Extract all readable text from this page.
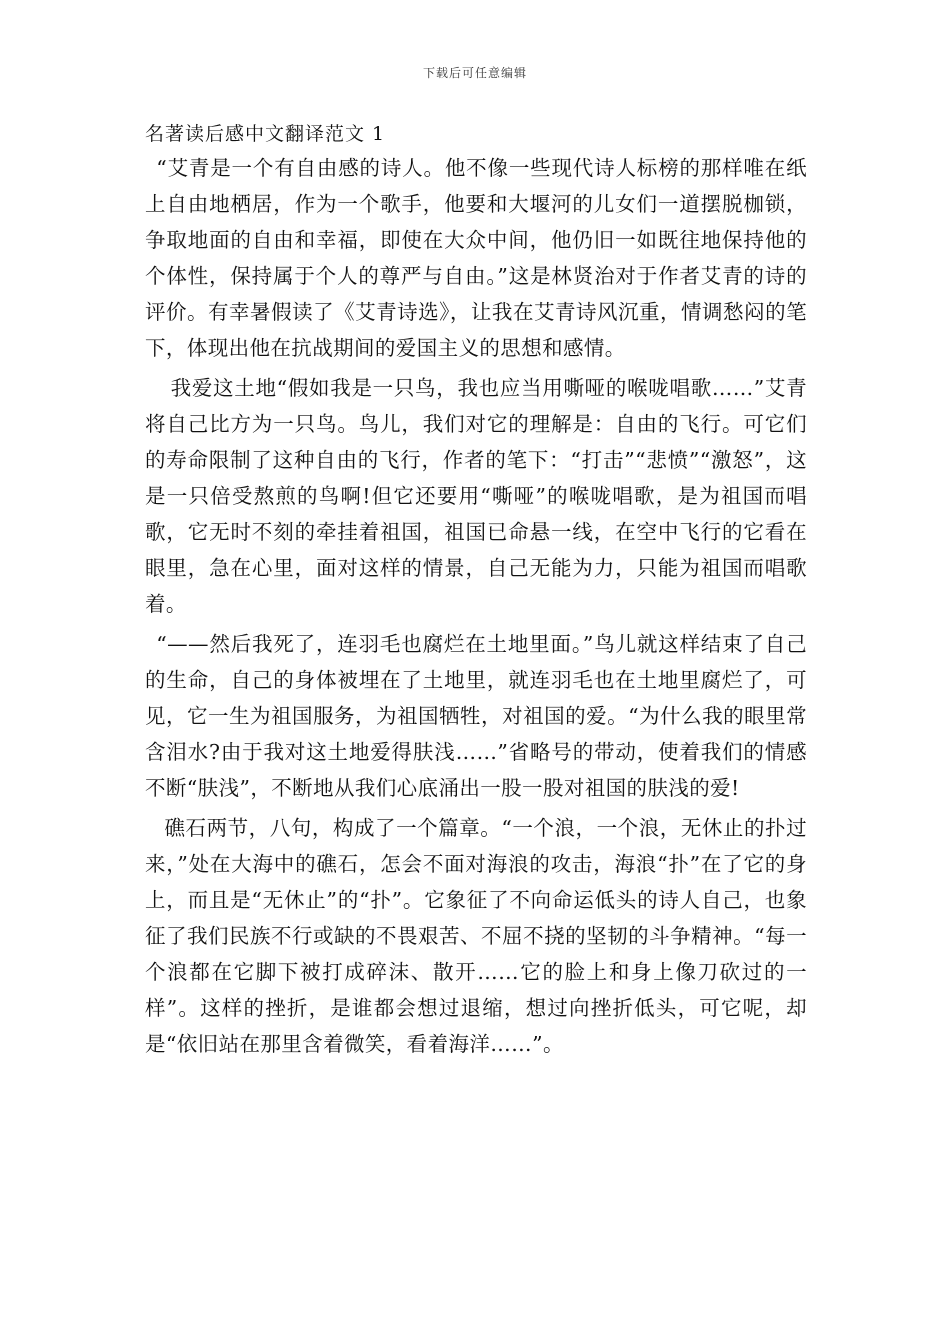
下载后可任意编辑
名著读后感中文翻译范文 1

“艾青是一个有自由感的诗人。他不像一些现代诗人标榜的那样唯在纸上自由地栖居，作为一个歌手，他要和大堰河的儿女们一道摆脱枷锁，争取地面的自由和幸福，即使在大众中间，他仍旧一如既往地保持他的个体性，保持属于个人的尊严与自由。”这是林贤治对于作者艾青的诗的评价。有幸暑假读了《艾青诗选》，让我在艾青诗风沉重，情调愁闷的笔下，体现出他在抗战期间的爱国主义的思想和感情。

我爱这土地“假如我是一只鸟，我也应当用嘶哑的喉咙唱歌……”艾青将自己比方为一只鸟。鸟儿，我们对它的理解是：自由的飞行。可它们的寿命限制了这种自由的飞行，作者的笔下：“打击”“悲愤”“激怒”，这是一只倍受熬煎的鸟啊!但它还要用“嘶哑”的喉咙唱歌，是为祖国而唱歌，它无时不刻的牵挂着祖国，祖国已命悬一线，在空中飞行的它看在眼里，急在心里，面对这样的情景，自己无能为力，只能为祖国而唱歌着。

“——然后我死了，连羽毛也腐烂在土地里面。”鸟儿就这样结束了自己的生命，自己的身体被埋在了土地里，就连羽毛也在土地里腐烂了，可见，它一生为祖国服务，为祖国牺牲，对祖国的爱。“为什么我的眼里常含泪水?由于我对这土地爱得肤浅……”省略号的带动，使着我们的情感不断“肤浅”，不断地从我们心底涌出一股一股对祖国的肤浅的爱!

礁石两节，八句，构成了一个篇章。“一个浪，一个浪，无休止的扑过来，”处在大海中的礁石，怎会不面对海浪的攻击，海浪“扑”在了它的身上，而且是“无休止”的“扑”。它象征了不向命运低头的诗人自己，也象征了我们民族不行或缺的不畏艰苦、不屈不挠的坚韧的斗争精神。“每一个浪都在它脚下被打成碎沫、散开……它的脸上和身上像刀砍过的一样”。这样的挫折，是谁都会想过退缩，想过向挫折低头，可它呢，却是“依旧站在那里含着微笑，看着海洋……”。
